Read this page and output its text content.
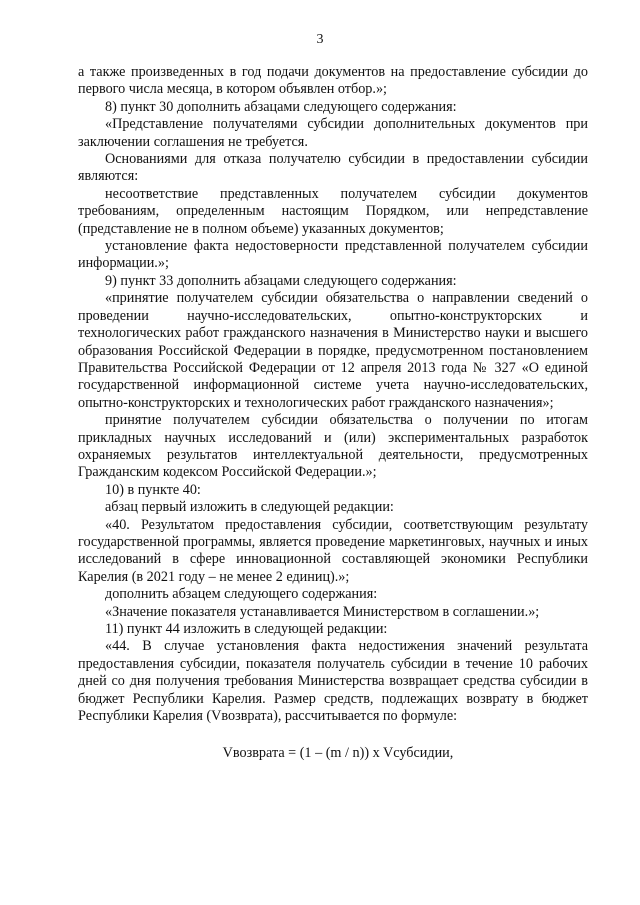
3

а также произведенных в год подачи документов на предоставление субсидии до первого числа месяца, в котором объявлен отбор.»;

8) пункт 30 дополнить абзацами следующего содержания:

«Представление получателями субсидии дополнительных документов при заключении соглашения не требуется.

Основаниями для отказа получателю субсидии в предоставлении субсидии являются:

несоответствие представленных получателем субсидии документов требованиям, определенным настоящим Порядком, или непредставление (представление не в полном объеме) указанных документов;

установление факта недостоверности представленной получателем субсидии информации.»;

9) пункт 33 дополнить абзацами следующего содержания:

«принятие получателем субсидии обязательства о направлении сведений о проведении научно-исследовательских, опытно-конструкторских и технологических работ гражданского назначения в Министерство науки и высшего образования Российской Федерации в порядке, предусмотренном постановлением Правительства Российской Федерации от 12 апреля 2013 года № 327 «О единой государственной информационной системе учета научно-исследовательских, опытно-конструкторских и технологических работ гражданского назначения»;

принятие получателем субсидии обязательства о получении по итогам прикладных научных исследований и (или) экспериментальных разработок охраняемых результатов интеллектуальной деятельности, предусмотренных Гражданским кодексом Российской Федерации.»;

10) в пункте 40:

абзац первый изложить в следующей редакции:

«40. Результатом предоставления субсидии, соответствующим результату государственной программы, является проведение маркетинговых, научных и иных исследований в сфере инновационной составляющей экономики Республики Карелия (в 2021 году – не менее 2 единиц).»;

дополнить абзацем следующего содержания:

«Значение показателя устанавливается Министерством в соглашении.»;

11) пункт 44 изложить в следующей редакции:

«44. В случае установления факта недостижения значений результата предоставления субсидии, показателя получатель субсидии в течение 10 рабочих дней со дня получения требования Министерства возвращает средства субсидии в бюджет Республики Карелия. Размер средств, подлежащих возврату в бюджет Республики Карелия (Vвозврата), рассчитывается по формуле:

Vвозврата = (1 – (m / n)) x Vсубсидии,
